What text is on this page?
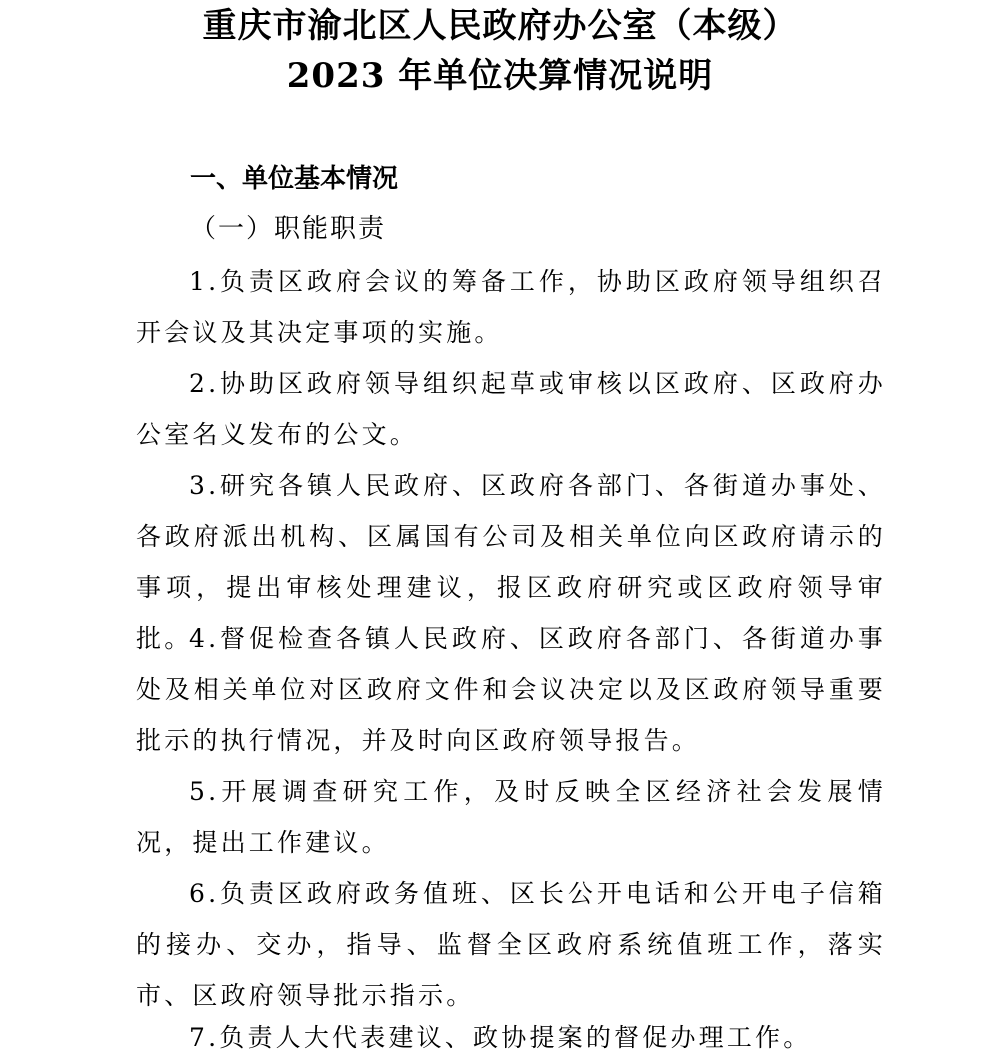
重庆市渝北区人民政府办公室（本级）
2023 年单位决算情况说明
一、单位基本情况
（一）职能职责

1.负责区政府会议的筹备工作，协助区政府领导组织召开会议及其决定事项的实施。

2.协助区政府领导组织起草或审核以区政府、区政府办公室名义发布的公文。

3.研究各镇人民政府、区政府各部门、各街道办事处、各政府派出机构、区属国有公司及相关单位向区政府请示的事项，提出审核处理建议，报区政府研究或区政府领导审批。

4.督促检查各镇人民政府、区政府各部门、各街道办事处及相关单位对区政府文件和会议决定以及区政府领导重要批示的执行情况，并及时向区政府领导报告。

5.开展调查研究工作，及时反映全区经济社会发展情况，提出工作建议。

6.负责区政府政务值班、区长公开电话和公开电子信箱的接办、交办，指导、监督全区政府系统值班工作，落实市、区政府领导批示指示。

7.负责人大代表建议、政协提案的督促办理工作。
